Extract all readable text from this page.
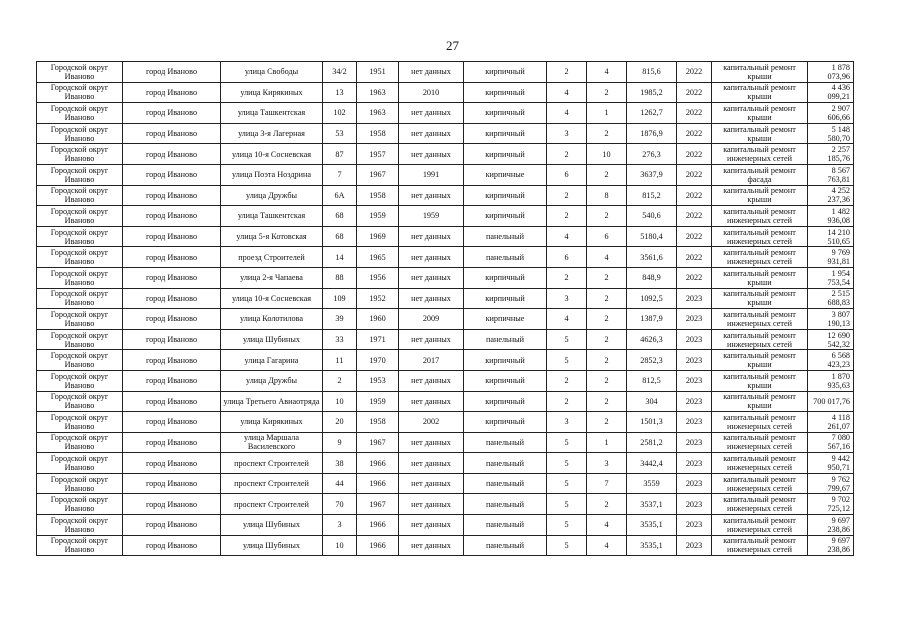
27
Городской округ Иваново	город Иваново	улица Свободы	34/2	1951	нет данных	кирпичный	2	4	815,6	2022	капитальный ремонт крыши	1 878 073,96
Городской округ Иваново	город Иваново	улица Кирякиных	13	1963	2010	кирпичный	4	2	1985,2	2022	капитальный ремонт крыши	4 436 099,21
Городской округ Иваново	город Иваново	улица Ташкентская	102	1963	нет данных	кирпичный	4	1	1262,7	2022	капитальный ремонт крыши	2 907 606,66
Городской округ Иваново	город Иваново	улица 3-я Лагерная	53	1958	нет данных	кирпичный	3	2	1876,9	2022	капитальный ремонт крыши	5 148 580,70
Городской округ Иваново	город Иваново	улица 10-я Сосневская	87	1957	нет данных	кирпичный	2	10	276,3	2022	капитальный ремонт инженерных сетей	2 257 185,76
Городской округ Иваново	город Иваново	улица Поэта Ноздрина	7	1967	1991	кирпичные	6	2	3637,9	2022	капитальный ремонт фасада	8 567 763,81
Городской округ Иваново	город Иваново	улица Дружбы	6А	1958	нет данных	кирпичный	2	8	815,2	2022	капитальный ремонт крыши	4 252 237,36
Городской округ Иваново	город Иваново	улица Ташкентская	68	1959	1959	кирпичный	2	2	540,6	2022	капитальный ремонт инженерных сетей	1 482 936,08
Городской округ Иваново	город Иваново	улица 5-я Котовская	68	1969	нет данных	панельный	4	6	5180,4	2022	капитальный ремонт инженерных сетей	14 210 510,65
Городской округ Иваново	город Иваново	проезд Строителей	14	1965	нет данных	панельный	6	4	3561,6	2022	капитальный ремонт инженерных сетей	9 769 931,81
Городской округ Иваново	город Иваново	улица 2-я Чапаева	88	1956	нет данных	кирпичный	2	2	848,9	2022	капитальный ремонт крыши	1 954 753,54
Городской округ Иваново	город Иваново	улица 10-я Сосневская	109	1952	нет данных	кирпичный	3	2	1092,5	2023	капитальный ремонт крыши	2 515 688,83
Городской округ Иваново	город Иваново	улица Колотилова	39	1960	2009	кирпичные	4	2	1387,9	2023	капитальный ремонт инженерных сетей	3 807 190,13
Городской округ Иваново	город Иваново	улица Шубиных	33	1971	нет данных	панельный	5	2	4626,3	2023	капитальный ремонт инженерных сетей	12 690 542,32
Городской округ Иваново	город Иваново	улица Гагарина	11	1970	2017	кирпичный	5	2	2852,3	2023	капитальный ремонт крыши	6 568 423,23
Городской округ Иваново	город Иваново	улица Дружбы	2	1953	нет данных	кирпичный	2	2	812,5	2023	капитальный ремонт крыши	1 870 935,63
Городской округ Иваново	город Иваново	улица Третьего Авиаотряда	10	1959	нет данных	кирпичный	2	2	304	2023	капитальный ремонт крыши	700 017,76
Городской округ Иваново	город Иваново	улица Кирякиных	20	1958	2002	кирпичный	3	2	1501,3	2023	капитальный ремонт инженерных сетей	4 118 261,07
Городской округ Иваново	город Иваново	улица Маршала Василевского	9	1967	нет данных	панельный	5	1	2581,2	2023	капитальный ремонт инженерных сетей	7 080 567,16
Городской округ Иваново	город Иваново	проспект Строителей	38	1966	нет данных	панельный	5	3	3442,4	2023	капитальный ремонт инженерных сетей	9 442 950,71
Городской округ Иваново	город Иваново	проспект Строителей	44	1966	нет данных	панельный	5	7	3559	2023	капитальный ремонт инженерных сетей	9 762 799,67
Городской округ Иваново	город Иваново	проспект Строителей	70	1967	нет данных	панельный	5	2	3537,1	2023	капитальный ремонт инженерных сетей	9 702 725,12
Городской округ Иваново	город Иваново	улица Шубиных	3	1966	нет данных	панельный	5	4	3535,1	2023	капитальный ремонт инженерных сетей	9 697 238,86
Городской округ Иваново	город Иваново	улица Шубиных	10	1966	нет данных	панельный	5	4	3535,1	2023	капитальный ремонт инженерных сетей	9 697 238,86
